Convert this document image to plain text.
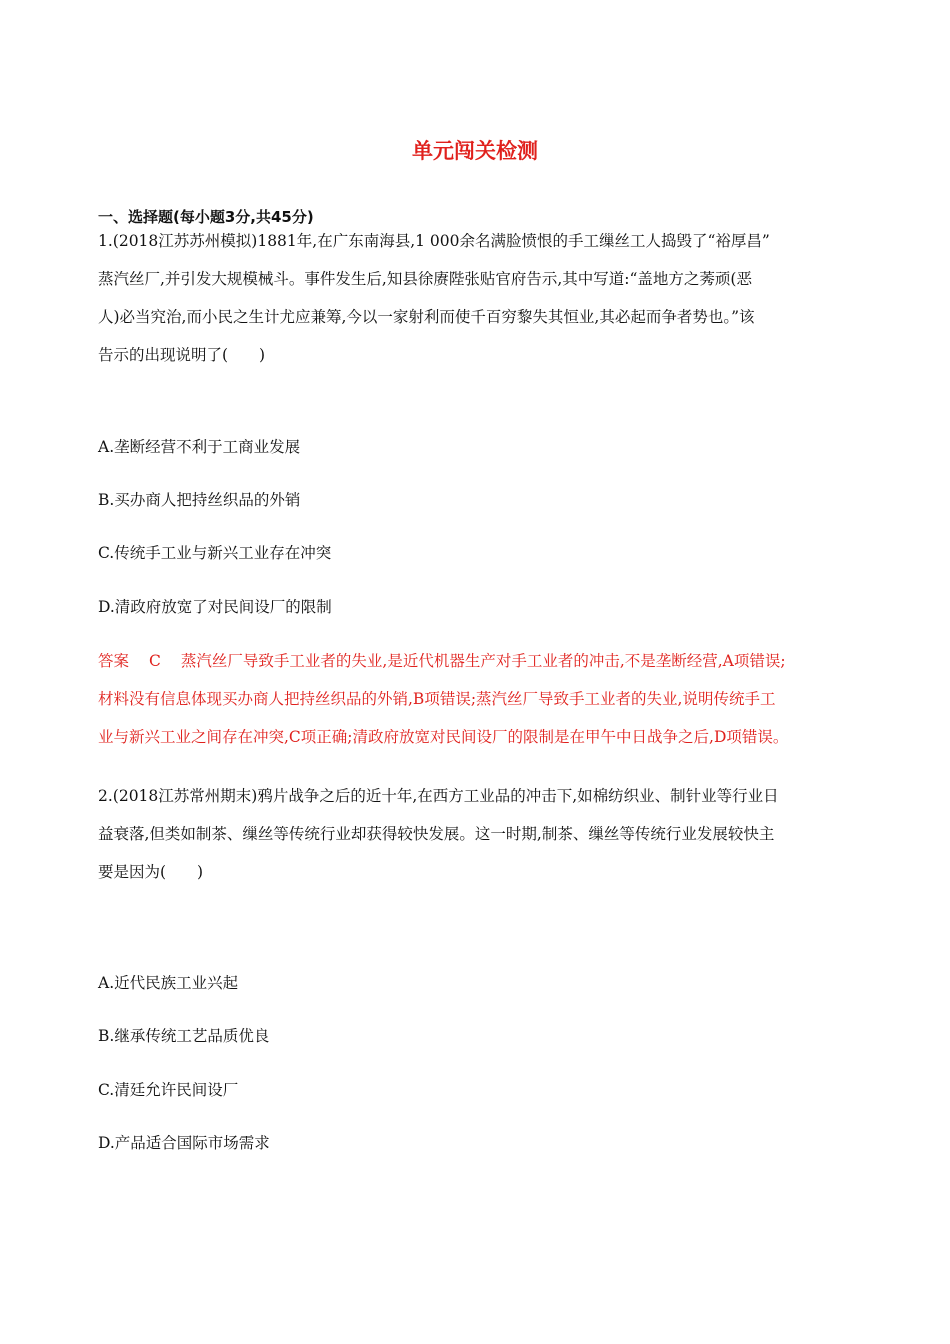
单元闯关检测
一、选择题(每小题3分,共45分)
1.(2018江苏苏州模拟)1881年,在广东南海县,1 000余名满脸愤恨的手工缫丝工人捣毁了“裕厚昌”
蒸汽丝厂,并引发大规模械斗。事件发生后,知县徐赓陛张贴官府告示,其中写道:“盖地方之莠顽(恶
人)必当究治,而小民之生计尤应兼筹,今以一家射利而使千百穷黎失其恒业,其必起而争者势也。”该
告示的出现说明了(　　)

A.垄断经营不利于工商业发展

B.买办商人把持丝织品的外销

C.传统手工业与新兴工业存在冲突

D.清政府放宽了对民间设厂的限制

答案 C 蒸汽丝厂导致手工业者的失业,是近代机器生产对手工业者的冲击,不是垄断经营,A项错误;
材料没有信息体现买办商人把持丝织品的外销,B项错误;蒸汽丝厂导致手工业者的失业,说明传统手工
业与新兴工业之间存在冲突,C项正确;清政府放宽对民间设厂的限制是在甲午中日战争之后,D项错误。
2.(2018江苏常州期末)鸦片战争之后的近十年,在西方工业品的冲击下,如棉纺织业、制针业等行业日
益衰落,但类如制茶、缫丝等传统行业却获得较快发展。这一时期,制茶、缫丝等传统行业发展较快主
要是因为(　　)

A.近代民族工业兴起

B.继承传统工艺品质优良

C.清廷允许民间设厂

D.产品适合国际市场需求
